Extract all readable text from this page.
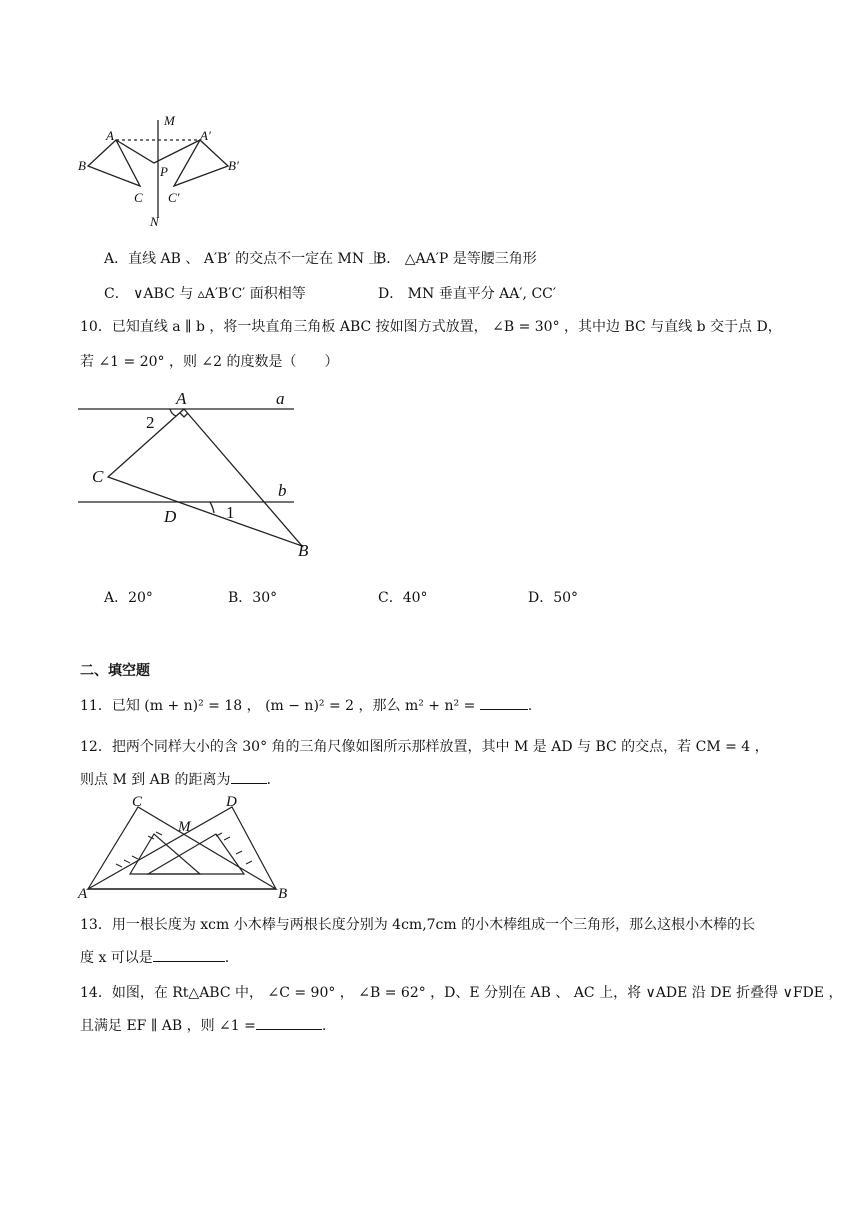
M
A	A′
B	B′
P
C C′
N
A．直线 AB 、 A′B′ 的交点不一定在 MN 上
B． △AA′P 是等腰三角形
C． ∨ABC 与 ▵A′B′C′ 面积相等	D． MN 垂直平分 AA′, CC′
10．已知直线 a ∥ b ，将一块直角三角板 ABC 按如图方式放置， ∠B = 30° ，其中边 BC 与直线 b 交于点 D，
若 ∠1 = 20° ，则 ∠2 的度数是（　　）
A	a
2
C
b
D	1
B
A．20°	B．30°	C．40°	D．50°
二、填空题
11．已知 (m + n)² = 18 ， (m − n)² = 2 ，那么 m² + n² =	.
12．把两个同样大小的含 30° 角的三角尺像如图所示那样放置，其中 M 是 AD 与 BC 的交点，若 CM = 4 ，
则点 M 到 AB 的距离为	.
C	D
M
A	B
13．用一根长度为 xcm 小木棒与两根长度分别为 4cm,7cm 的小木棒组成一个三角形，那么这根小木棒的长
度 x 可以是	.
14．如图，在 Rt△ABC 中， ∠C = 90° ， ∠B = 62° ，D、E 分别在 AB 、 AC 上，将 ∨ADE 沿 DE 折叠得 ∨FDE ，
且满足 EF ∥ AB ，则 ∠1 =	.
